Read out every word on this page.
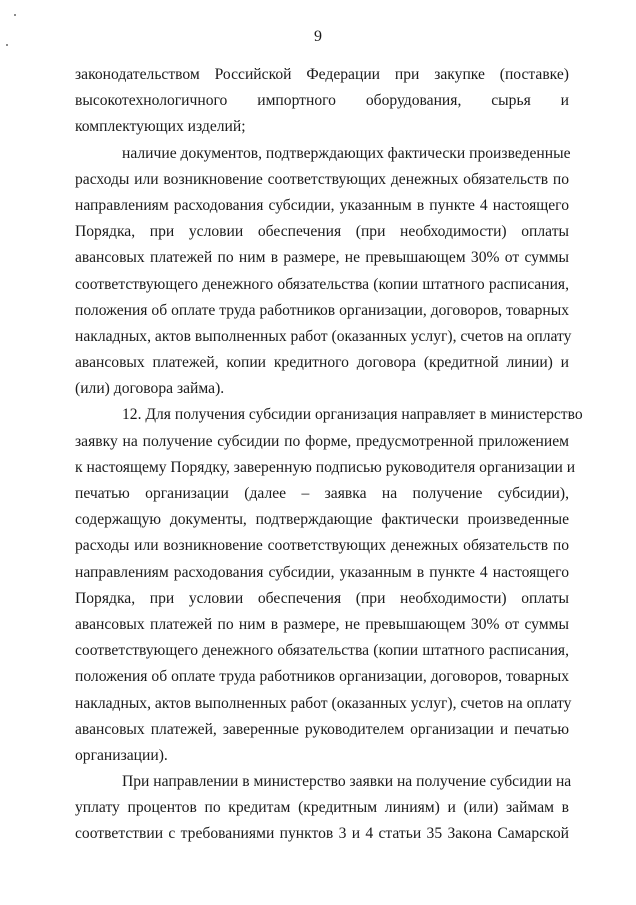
9

законодательством Российской Федерации при закупке (поставке)
высокотехнологичного импортного оборудования, сырья и
комплектующих изделий;

наличие документов, подтверждающих фактически произведенные
расходы или возникновение соответствующих денежных обязательств по
направлениям расходования субсидии, указанным в пункте 4 настоящего
Порядка, при условии обеспечения (при необходимости) оплаты
авансовых платежей по ним в размере, не превышающем 30% от суммы
соответствующего денежного обязательства (копии штатного расписания,
положения об оплате труда работников организации, договоров, товарных
накладных, актов выполненных работ (оказанных услуг), счетов на оплату
авансовых платежей, копии кредитного договора (кредитной линии) и
(или) договора займа).

12. Для получения субсидии организация направляет в министерство
заявку на получение субсидии по форме, предусмотренной приложением
к настоящему Порядку, заверенную подписью руководителя организации и
печатью организации (далее – заявка на получение субсидии),
содержащую документы, подтверждающие фактически произведенные
расходы или возникновение соответствующих денежных обязательств по
направлениям расходования субсидии, указанным в пункте 4 настоящего
Порядка, при условии обеспечения (при необходимости) оплаты
авансовых платежей по ним в размере, не превышающем 30% от суммы
соответствующего денежного обязательства (копии штатного расписания,
положения об оплате труда работников организации, договоров, товарных
накладных, актов выполненных работ (оказанных услуг), счетов на оплату
авансовых платежей, заверенные руководителем организации и печатью
организации).

При направлении в министерство заявки на получение субсидии на
уплату процентов по кредитам (кредитным линиям) и (или) займам в
соответствии с требованиями пунктов 3 и 4 статьи 35 Закона Самарской
